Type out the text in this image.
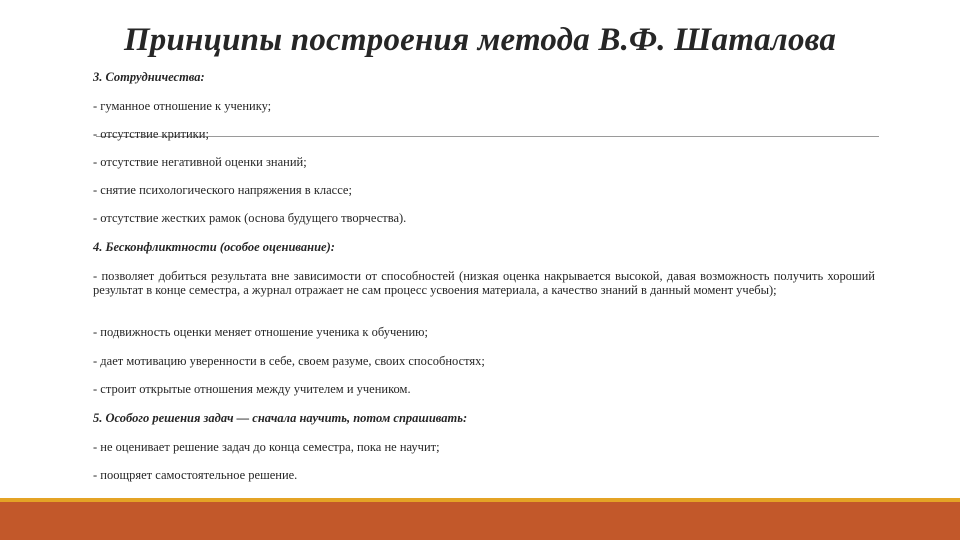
Принципы построения метода В.Ф. Шаталова
3. Сотрудничества:
- гуманное отношение к ученику;
- отсутствие критики;
- отсутствие негативной оценки знаний;
- снятие психологического напряжения в классе;
- отсутствие жестких рамок (основа будущего творчества).
4. Бесконфликтности (особое оценивание):
- позволяет добиться результата вне зависимости от способностей (низкая оценка накрывается высокой, давая возможность получить хороший результат в конце семестра, а журнал отражает не сам процесс усвоения материала, а качество знаний в данный момент учебы);
- подвижность оценки меняет отношение ученика к обучению;
- дает мотивацию уверенности в себе, своем разуме, своих способностях;
- строит открытые отношения между учителем и учеником.
5. Особого решения задач — сначала научить, потом спрашивать:
- не оценивает решение задач до конца семестра, пока не научит;
- поощряет самостоятельное решение.
